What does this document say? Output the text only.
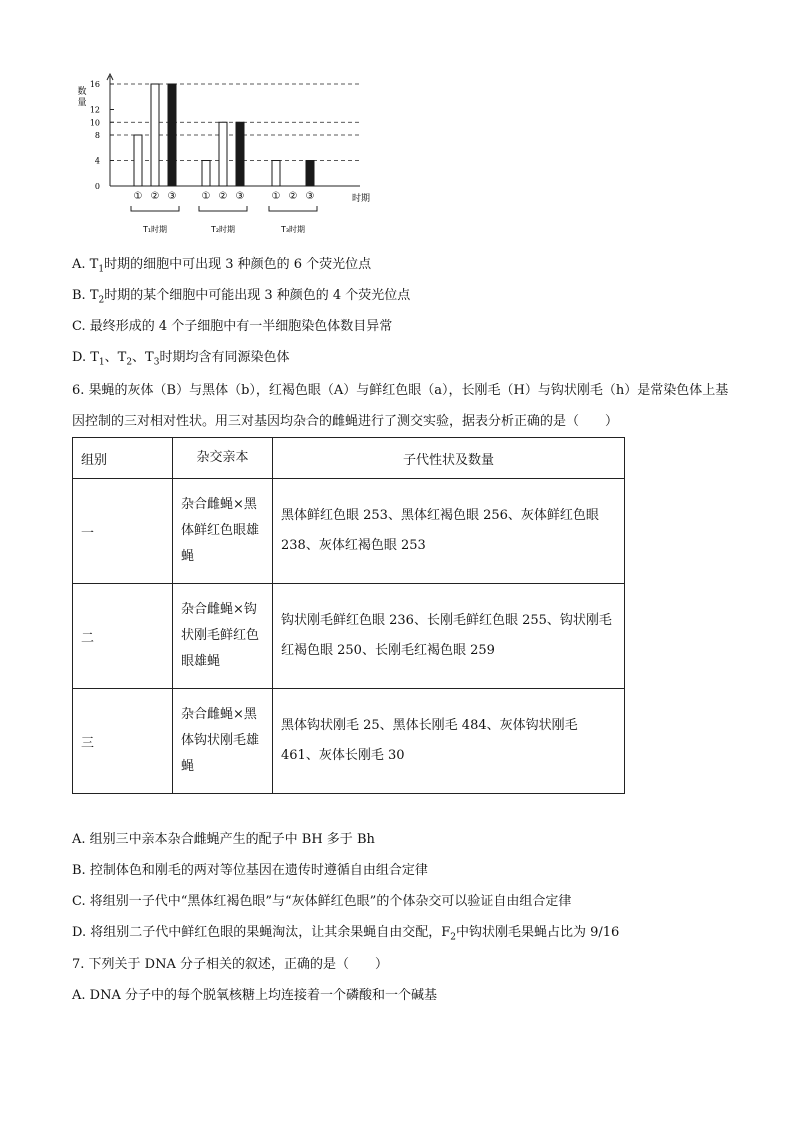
0
4
8
10
12
16
数
量
时期
① ② ③
T₁时期
① ② ③
T₂时期
① ② ③
T₃时期
A. $T_1$时期的细胞中可出现 3 种颜色的 6 个荧光位点
B. $T_2$时期的某个细胞中可能出现 3 种颜色的 4 个荧光位点
C. 最终形成的 4 个子细胞中有一半细胞染色体数目异常
D. $T_1$、$T_2$、$T_3$时期均含有同源染色体
6. 果蝇的灰体（B）与黑体（b），红褐色眼（A）与鲜红色眼（a），长刚毛（H）与钩状刚毛（h）是常染色体上基因控制的三对相对性状。用三对基因均杂合的雌蝇进行了测交实验，据表分析正确的是（　　）
组别	杂交亲本	子代性状及数量
一	杂合雌蝇×黑体鲜红色眼雄蝇	黑体鲜红色眼 253、黑体红褐色眼 256、灰体鲜红色眼 238、灰体红褐色眼 253
二	杂合雌蝇×钩状刚毛鲜红色眼雄蝇	钩状刚毛鲜红色眼 236、长刚毛鲜红色眼 255、钩状刚毛红褐色眼 250、长刚毛红褐色眼 259
三	杂合雌蝇×黑体钩状刚毛雄蝇	黑体钩状刚毛 25、黑体长刚毛 484、灰体钩状刚毛 461、灰体长刚毛 30
A. 组别三中亲本杂合雌蝇产生的配子中 BH 多于 Bh
B. 控制体色和刚毛的两对等位基因在遗传时遵循自由组合定律
C. 将组别一子代中“黑体红褐色眼”与“灰体鲜红色眼”的个体杂交可以验证自由组合定律
D. 将组别二子代中鲜红色眼的果蝇淘汰，让其余果蝇自由交配，$F_2$中钩状刚毛果蝇占比为 9/16
7. 下列关于 DNA 分子相关的叙述，正确的是（　　）
A. DNA 分子中的每个脱氧核糖上均连接着一个磷酸和一个碱基
